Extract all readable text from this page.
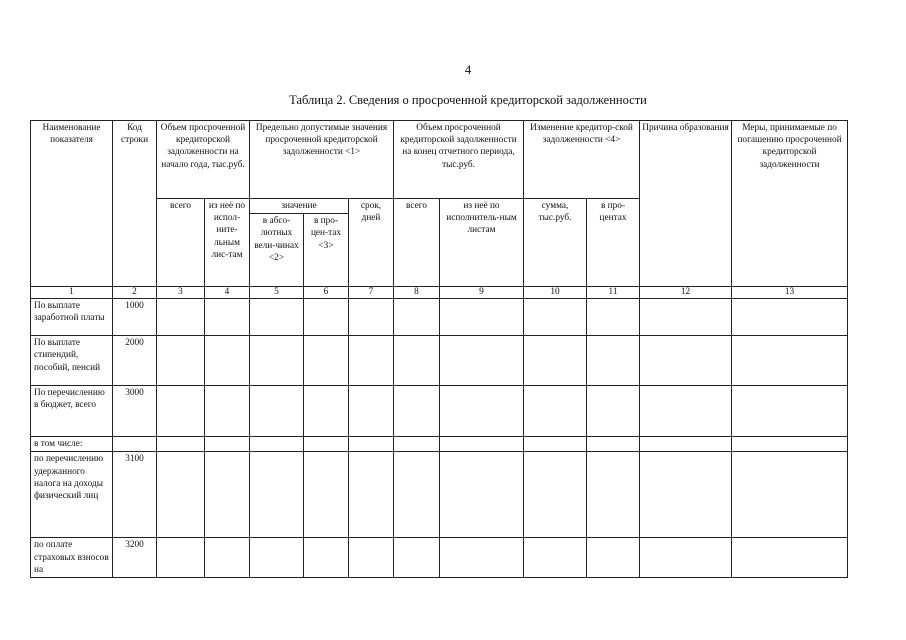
4
Таблица 2. Сведения о просроченной кредиторской задолженности
Наименование показателя	Код строки	Объем просроченной кредиторской задолженности на начало года, тыс.руб.		Предельно допустимые значения просроченной кредиторской задолженности <1>			Объем просроченной кредиторской задолженности на конец отчетного периода, тыс.руб.		Изменение кредитор-ской задолженности <4>		Причина образования	Меры, принимаемые по погашению просроченной кредиторской задолженности
		всего	из неё по испол-ните-льным лис-там	значение		срок, дней	всего	из неё по исполнитель-ным листам	сумма, тыс.руб.	в про-центах		
				в абсо-лютных вели-чинах <2>	в про-цен-тах <3>							
1	2	3	4	5	6	7	8	9	10	11	12	13
По выплате заработной платы	1000											
По выплате стипендий, пособий, пенсий	2000											
По перечислению в бюджет, всего	3000											
в том числе:												
по перечислению удержанного налога на доходы физический лиц	3100											
по оплате страховых взносов на	3200											
